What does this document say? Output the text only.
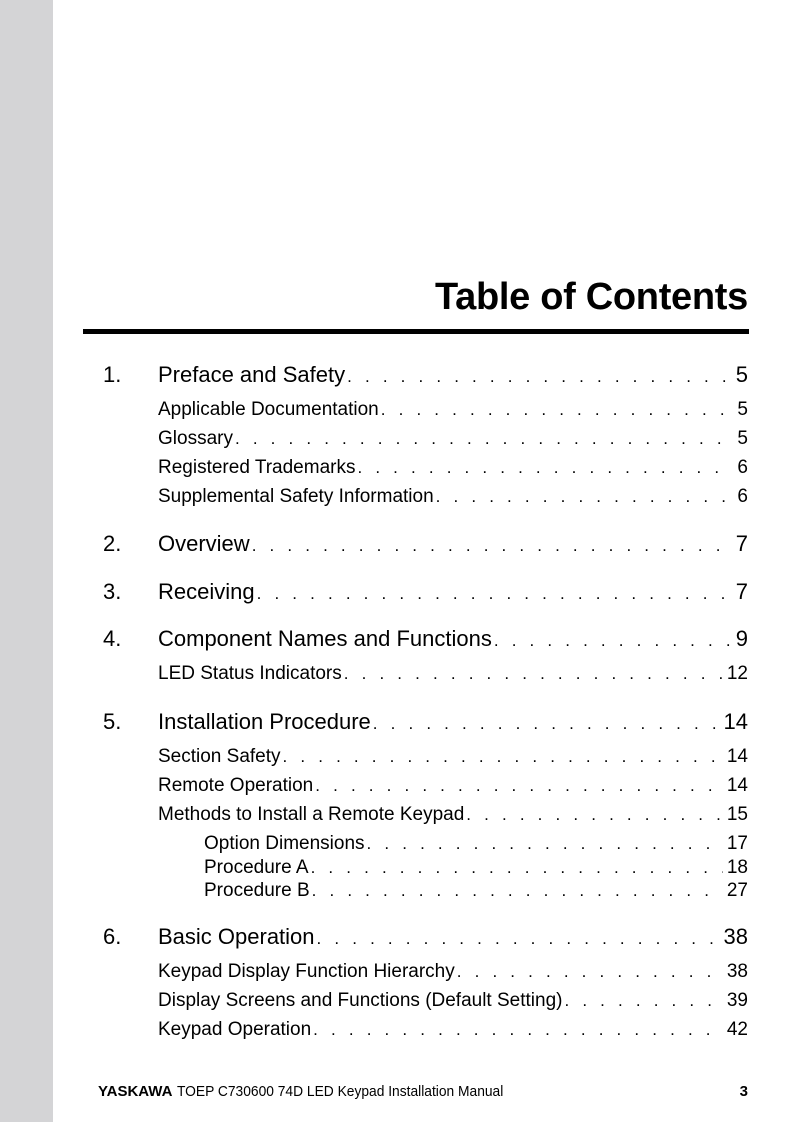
Table of Contents
1. Preface and Safety . . .	5
Applicable Documentation . . .	5
Glossary . . .	5
Registered Trademarks . . .	6
Supplemental Safety Information . . .	6
2. Overview . . .	7
3. Receiving . . .	7
4. Component Names and Functions . . .	9
LED Status Indicators . . .	12
5. Installation Procedure . . .	14
Section Safety . . .	14
Remote Operation . . .	14
Methods to Install a Remote Keypad . . .	15
Option Dimensions . . .	17
Procedure A . . .	18
Procedure B . . .	27
6. Basic Operation . . .	38
Keypad Display Function Hierarchy . . .	38
Display Screens and Functions (Default Setting) . . .	39
Keypad Operation . . .	42
YASKAWA TOEP C730600 74D LED Keypad Installation Manual	3
